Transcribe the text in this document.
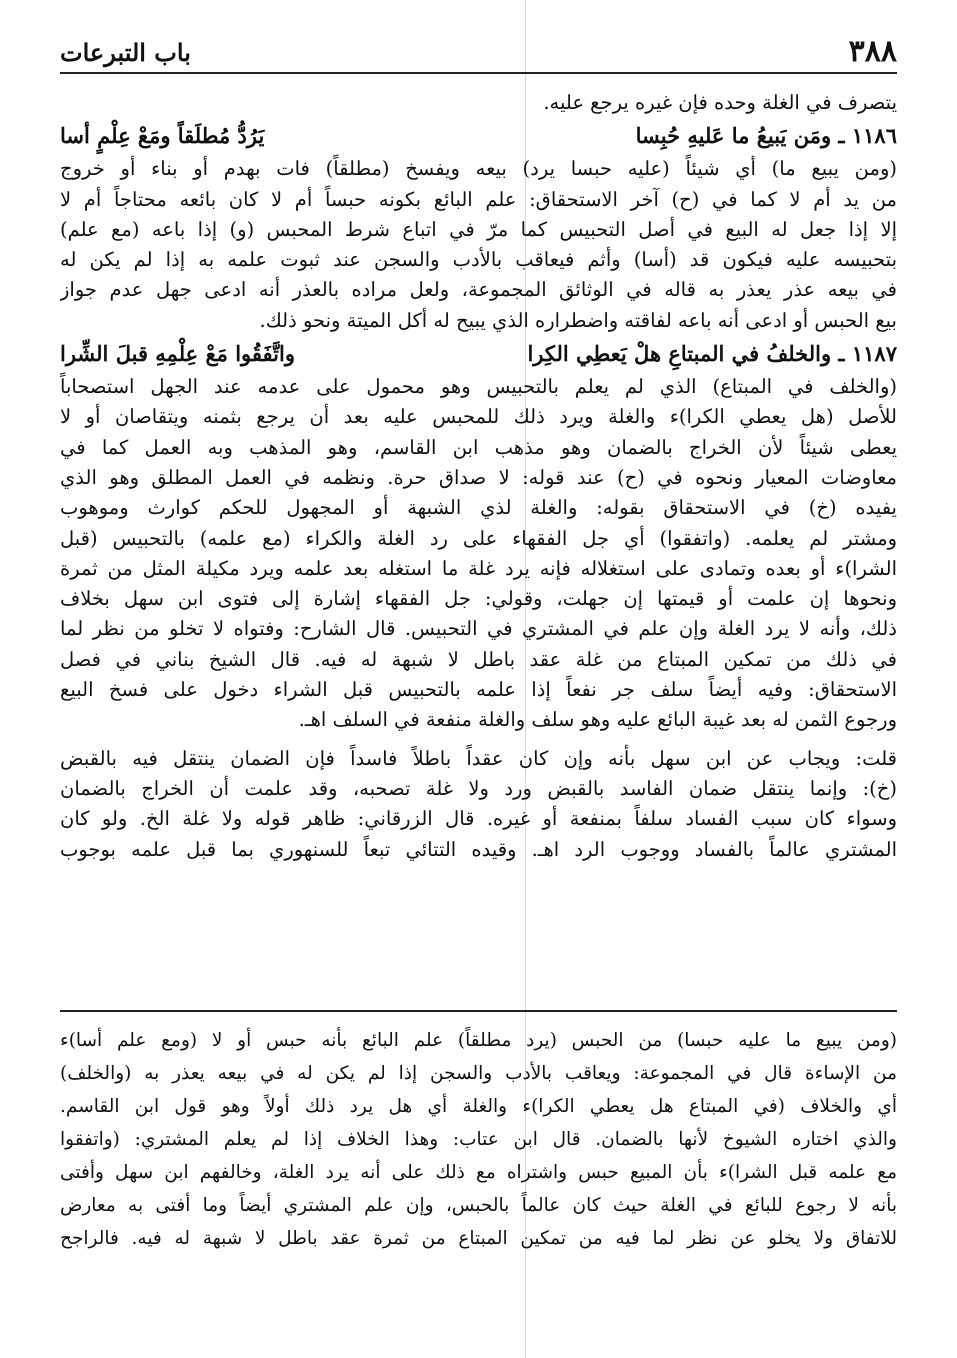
٣٨٨
باب التبرعات
يتصرف في الغلة وحده فإن غيره يرجع عليه.
١١٨٦ ـ ومَن يَبيعُ ما عَليهِ حُبِسا
يَرُدُّ مُطلَقاً ومَعْ عِلْمٍ أسا
(ومن يبيع ما) أي شيئاً (عليه حبسا يرد) بيعه ويفسخ (مطلقاً) فات بهدم أو بناء أو خروج
من يد أم لا كما في (ح) آخر الاستحقاق: علم البائع بكونه حبساً أم لا كان بائعه محتاجاً أم لا
إلا إذا جعل له البيع في أصل التحبيس كما مرّ في اتباع شرط المحبس (و) إذا باعه (مع علم)
بتحبيسه عليه فيكون قد (أسا) وأثم فيعاقب بالأدب والسجن عند ثبوت علمه به إذا لم يكن له
في بيعه عذر يعذر به قاله في الوثائق المجموعة، ولعل مراده بالعذر أنه ادعى جهل عدم جواز
بيع الحبس أو ادعى أنه باعه لفاقته واضطراره الذي يبيح له أكل الميتة ونحو ذلك.
١١٨٧ ـ والخلفُ في المبتاعِ هلْ يَعطِي الكِرا
واتَّفَقُوا مَعْ عِلْمِهِ قبلَ الشِّرا
(والخلف في المبتاع) الذي لم يعلم بالتحبيس وهو محمول على عدمه عند الجهل استصحاباً
للأصل (هل يعطي الكرا)ء والغلة ويرد ذلك للمحبس عليه بعد أن يرجع بثمنه ويتقاصان أو لا
يعطى شيئاً لأن الخراج بالضمان وهو مذهب ابن القاسم، وهو المذهب وبه العمل كما في
معاوضات المعيار ونحوه في (ح) عند قوله: لا صداق حرة. ونظمه في العمل المطلق وهو الذي
يفيده (خ) في الاستحقاق بقوله: والغلة لذي الشبهة أو المجهول للحكم كوارث وموهوب
ومشتر لم يعلمه. (واتفقوا) أي جل الفقهاء على رد الغلة والكراء (مع علمه) بالتحبيس (قبل
الشرا)ء أو بعده وتمادى على استغلاله فإنه يرد غلة ما استغله بعد علمه ويرد مكيلة المثل من ثمرة
ونحوها إن علمت أو قيمتها إن جهلت، وقولي: جل الفقهاء إشارة إلى فتوى ابن سهل بخلاف
ذلك، وأنه لا يرد الغلة وإن علم في المشتري في التحبيس. قال الشارح: وفتواه لا تخلو من نظر لما
في ذلك من تمكين المبتاع من غلة عقد باطل لا شبهة له فيه. قال الشيخ بناني في فصل
الاستحقاق: وفيه أيضاً سلف جر نفعاً إذا علمه بالتحبيس قبل الشراء دخول على فسخ البيع
ورجوع الثمن له بعد غيبة البائع عليه وهو سلف والغلة منفعة في السلف اهـ.
قلت: ويجاب عن ابن سهل بأنه وإن كان عقداً باطلاً فاسداً فإن الضمان ينتقل فيه بالقبض
(خ): وإنما ينتقل ضمان الفاسد بالقبض ورد ولا غلة تصحبه، وقد علمت أن الخراج بالضمان
وسواء كان سبب الفساد سلفاً بمنفعة أو غيره. قال الزرقاني: ظاهر قوله ولا غلة الخ. ولو كان
المشتري عالماً بالفساد ووجوب الرد اهـ. وقيده التتائي تبعاً للسنهوري بما قبل علمه بوجوب
(ومن يبيع ما عليه حبسا) من الحبس (يرد مطلقاً) علم البائع بأنه حبس أو لا (ومع علم أسا)ء
من الإساءة قال في المجموعة: ويعاقب بالأدب والسجن إذا لم يكن له في بيعه يعذر به (والخلف)
أي والخلاف (في المبتاع هل يعطي الكرا)ء والغلة أي هل يرد ذلك أولاً وهو قول ابن القاسم.
والذي اختاره الشيوخ لأنها بالضمان. قال ابن عتاب: وهذا الخلاف إذا لم يعلم المشتري: (واتفقوا
مع علمه قبل الشرا)ء بأن المبيع حبس واشتراه مع ذلك على أنه يرد الغلة، وخالفهم ابن سهل وأفتى
بأنه لا رجوع للبائع في الغلة حيث كان عالماً بالحبس، وإن علم المشتري أيضاً وما أفتى به معارض
للاتفاق ولا يخلو عن نظر لما فيه من تمكين المبتاع من ثمرة عقد باطل لا شبهة له فيه. فالراجح
